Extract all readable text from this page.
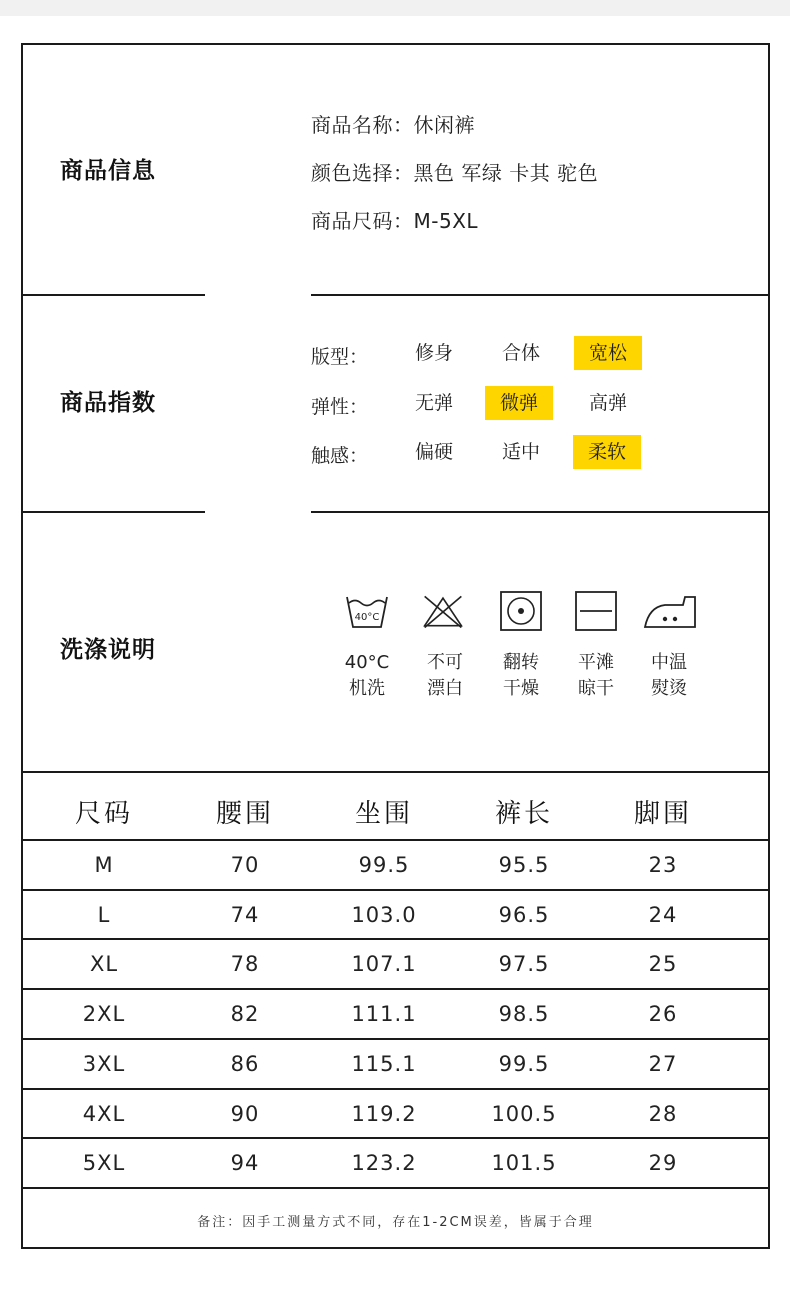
商品信息
商品名称：休闲裤
颜色选择：黑色 军绿 卡其 驼色
商品尺码：M-5XL
商品指数
版型：	修身	合体	宽松
弹性：	无弹	微弹	高弹
触感：	偏硬	适中	柔软
洗涤说明
40°C
40°C
机洗
不可
漂白
翻转
干燥
平滩
晾干
中温
熨烫
尺码	腰围	坐围	裤长	脚围
备注：因手工测量方式不同，存在1-2CM误差，皆属于合理
M	70	99.5	95.5	23
L	74	103.0	96.5	24
XL	78	107.1	97.5	25
2XL	82	111.1	98.5	26
3XL	86	115.1	99.5	27
4XL	90	119.2	100.5	28
5XL	94	123.2	101.5	29
